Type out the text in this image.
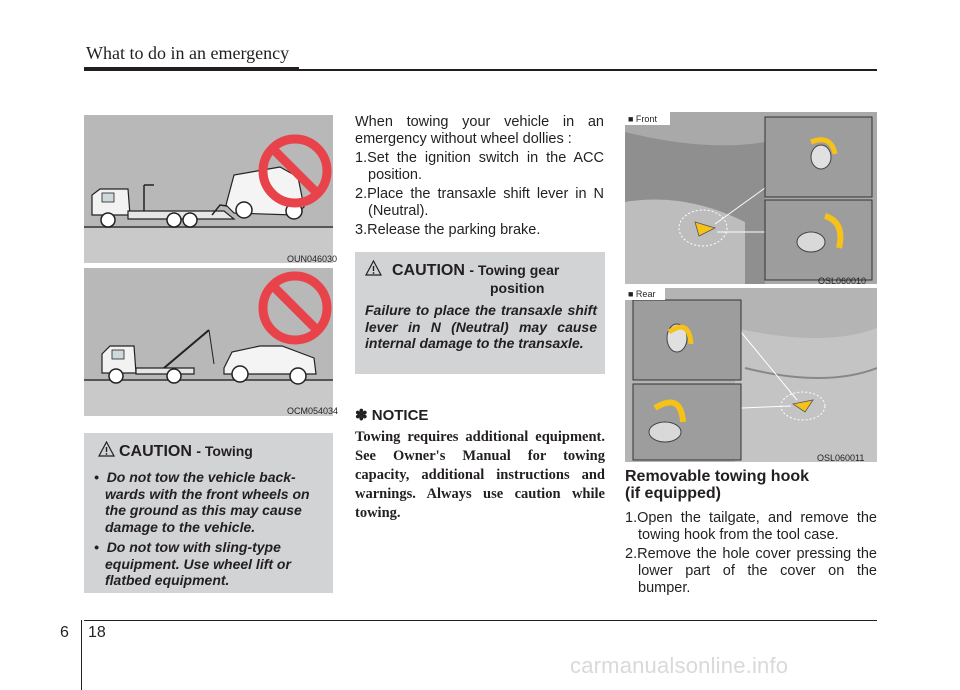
What to do in an emergency
OUN046030
OCM054034
CAUTION - Towing
•  Do not tow the vehicle back-
wards with the front wheels on the ground as this may cause damage to the vehicle.
•  Do not tow with sling-type
equipment. Use wheel lift or flatbed equipment.
When towing your vehicle in an emergency without wheel dollies :
1.Set the ignition switch in the ACC position.
2.Place the transaxle shift lever in N (Neutral).
3.Release the parking brake.
CAUTION - Towing gear
position
Failure to place the transaxle shift lever in N (Neutral) may cause internal damage to the transaxle.
✽ NOTICE
Towing requires additional equipment. See Owner's Manual for towing capacity, additional instructions and warnings. Always use caution while towing.
■ Front
OSL060010
■ Rear
OSL060011
Removable towing hook
(if equipped)
1.Open the tailgate, and remove the towing hook from the tool case.
2.Remove the hole cover pressing the lower part of the cover on the bumper.
6 18
carmanualsonline.info
